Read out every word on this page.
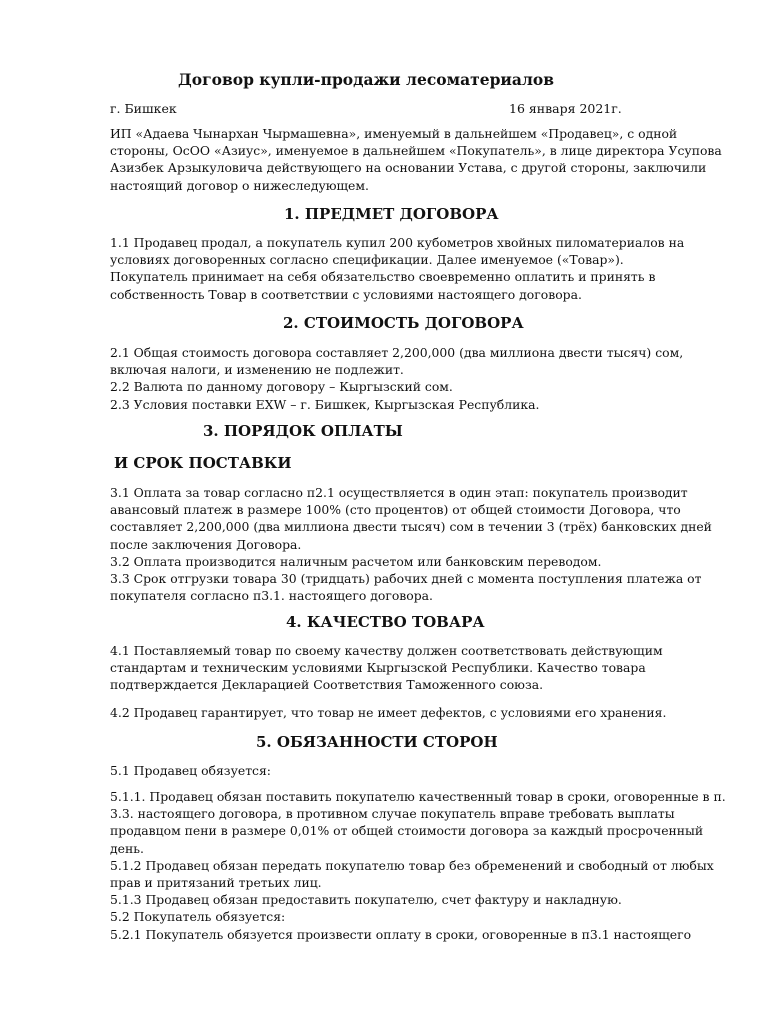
Договор купли-продажи лесоматериалов
г. Бишкек	16 января 2021г.
ИП «Адаева Чынархан Чырмашевна», именуемый в дальнейшем «Продавец», с одной
стороны, ОсОО «Азиус», именуемое в дальнейшем «Покупатель», в лице директора Усупова
Азизбек Арзыкуловича действующего на основании Устава, с другой стороны, заключили
настоящий договор о нижеследующем.
1. ПРЕДМЕТ ДОГОВОРА
1.1 Продавец продал, а покупатель купил 200 кубометров хвойных пиломатериалов на
условиях договоренных согласно спецификации. Далее именуемое («Товар»).
Покупатель принимает на себя обязательство своевременно оплатить и принять в
собственность Товар в соответствии с условиями настоящего договора.
2. СТОИМОСТЬ ДОГОВОРА
2.1 Общая стоимость договора составляет 2,200,000 (два миллиона двести тысяч) сом,
включая налоги, и изменению не подлежит.
2.2 Валюта по данному договору – Кыргызский сом.
2.3 Условия поставки EXW – г. Бишкек, Кыргызская Республика.
3. ПОРЯДОК ОПЛАТЫ
И СРОК ПОСТАВКИ
3.1 Оплата за товар согласно п2.1 осуществляется в один этап: покупатель производит
авансовый платеж в размере 100% (сто процентов) от общей стоимости Договора, что
составляет 2,200,000 (два миллиона двести тысяч) сом в течении 3 (трёх) банковских дней
после заключения Договора.
3.2 Оплата производится наличным расчетом или банковским переводом.
3.3 Срок отгрузки товара 30 (тридцать) рабочих дней с момента поступления платежа от
покупателя согласно п3.1. настоящего договора.
4. КАЧЕСТВО ТОВАРА
4.1 Поставляемый товар по своему качеству должен соответствовать действующим
стандартам и техническим условиями Кыргызской Республики. Качество товара
подтверждается Декларацией Соответствия Таможенного союза.
4.2 Продавец гарантирует, что товар не имеет дефектов, с условиями его хранения.
5. ОБЯЗАННОСТИ СТОРОН
5.1 Продавец обязуется:
5.1.1. Продавец обязан поставить покупателю качественный товар в сроки, оговоренные в п.
3.3. настоящего договора, в противном случае покупатель вправе требовать выплаты
продавцом пени в размере 0,01% от общей стоимости договора за каждый просроченный
день.
5.1.2 Продавец обязан передать покупателю товар без обременений и свободный от любых
прав и притязаний третьих лиц.
5.1.3 Продавец обязан предоставить покупателю, счет фактуру и накладную.
5.2 Покупатель обязуется:
5.2.1 Покупатель обязуется произвести оплату в сроки, оговоренные в п3.1 настоящего
